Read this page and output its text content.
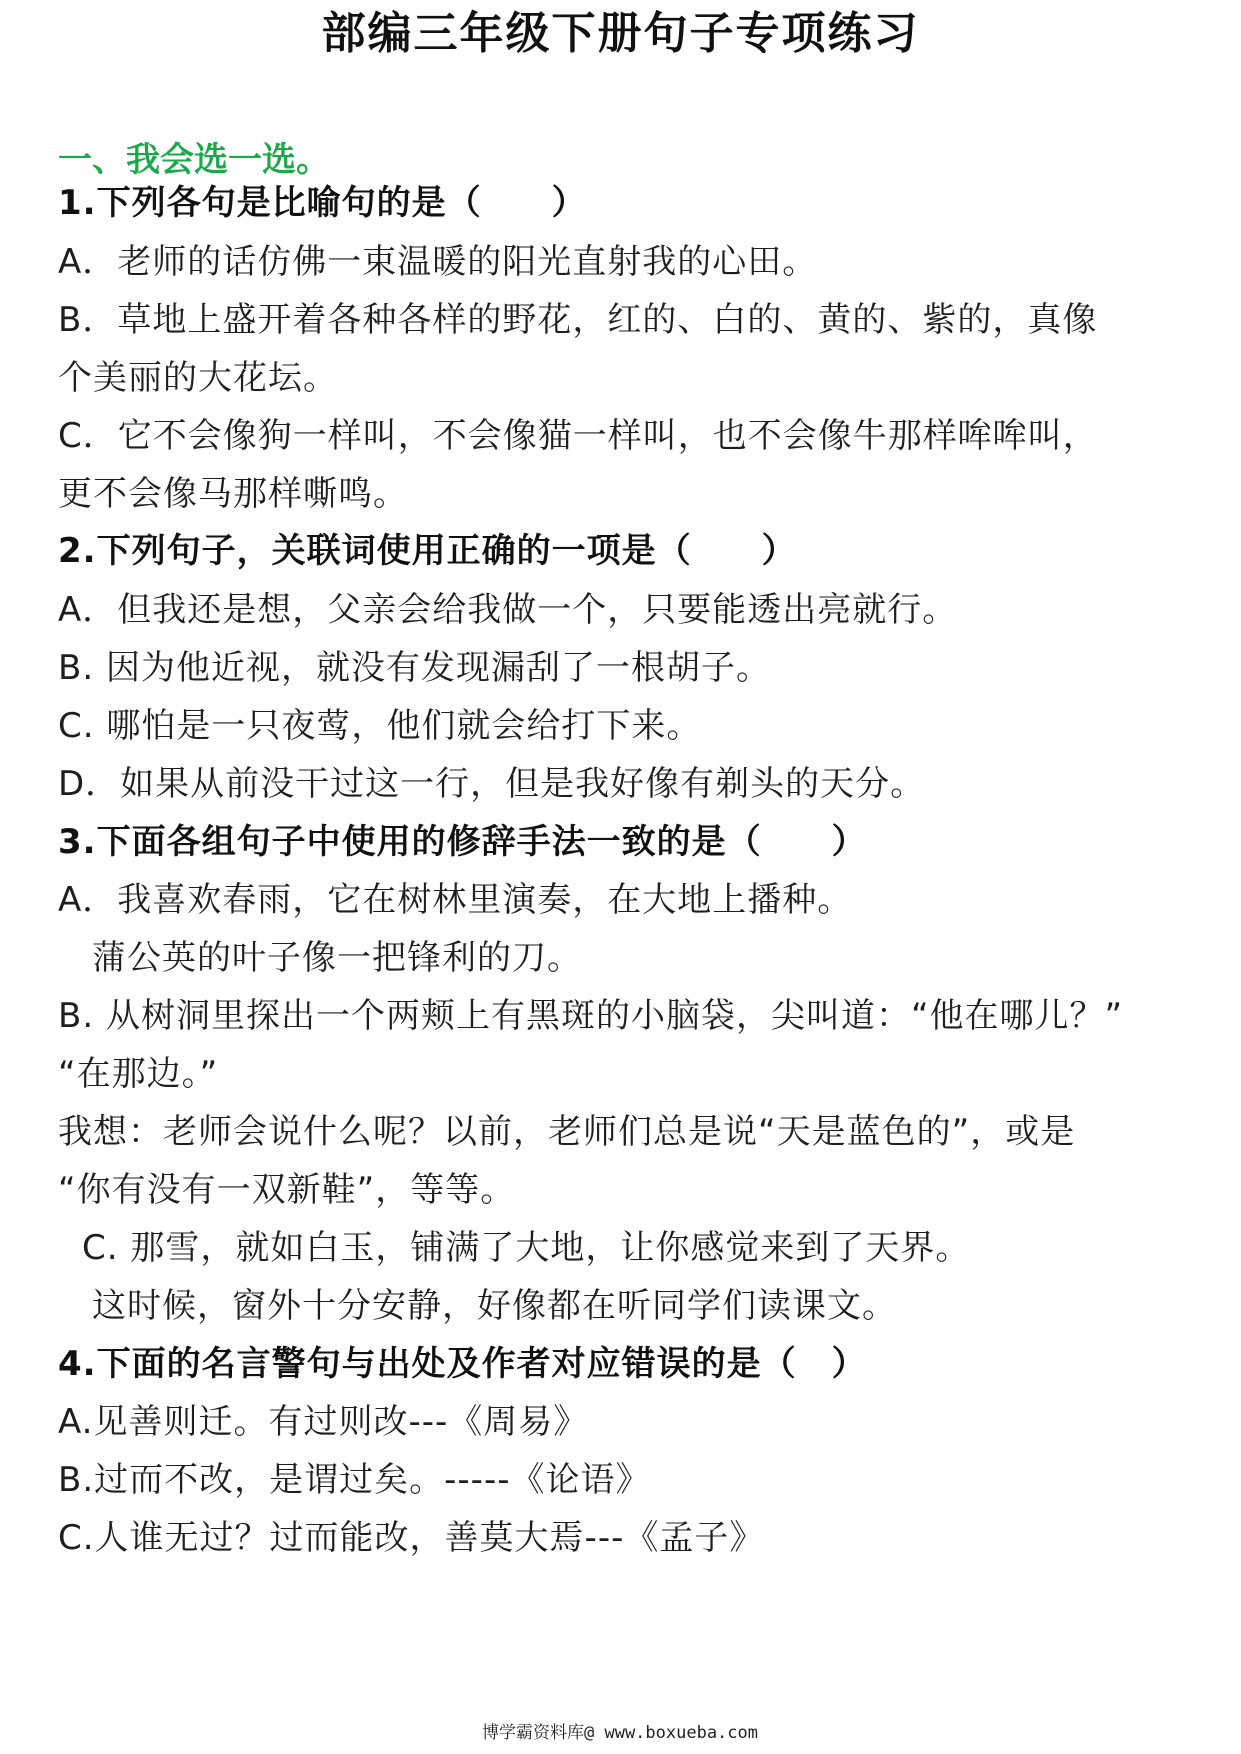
部编三年级下册句子专项练习
一、我会选一选。
1.下列各句是比喻句的是（　　）
A．老师的话仿佛一束温暖的阳光直射我的心田。
B．草地上盛开着各种各样的野花，红的、白的、黄的、紫的，真像
个美丽的大花坛。
C．它不会像狗一样叫，不会像猫一样叫，也不会像牛那样哞哞叫，
更不会像马那样嘶鸣。
2.下列句子，关联词使用正确的一项是（　　）
A．但我还是想，父亲会给我做一个，只要能透出亮就行。
B. 因为他近视，就没有发现漏刮了一根胡子。
C. 哪怕是一只夜莺，他们就会给打下来。
D．如果从前没干过这一行，但是我好像有剃头的天分。
3.下面各组句子中使用的修辞手法一致的是（　　）
A．我喜欢春雨，它在树林里演奏，在大地上播种。
蒲公英的叶子像一把锋利的刀。
B. 从树洞里探出一个两颊上有黑斑的小脑袋，尖叫道：“他在哪儿？”
“在那边。”
我想：老师会说什么呢？以前，老师们总是说“天是蓝色的”，或是
“你有没有一双新鞋”，等等。
C. 那雪，就如白玉，铺满了大地，让你感觉来到了天界。
这时候，窗外十分安静，好像都在听同学们读课文。
4.下面的名言警句与出处及作者对应错误的是（　）
A.见善则迁。有过则改---《周易》
B.过而不改，是谓过矣。-----《论语》
C.人谁无过？过而能改，善莫大焉---《孟子》
博学霸资料库@ www.boxueba.com
